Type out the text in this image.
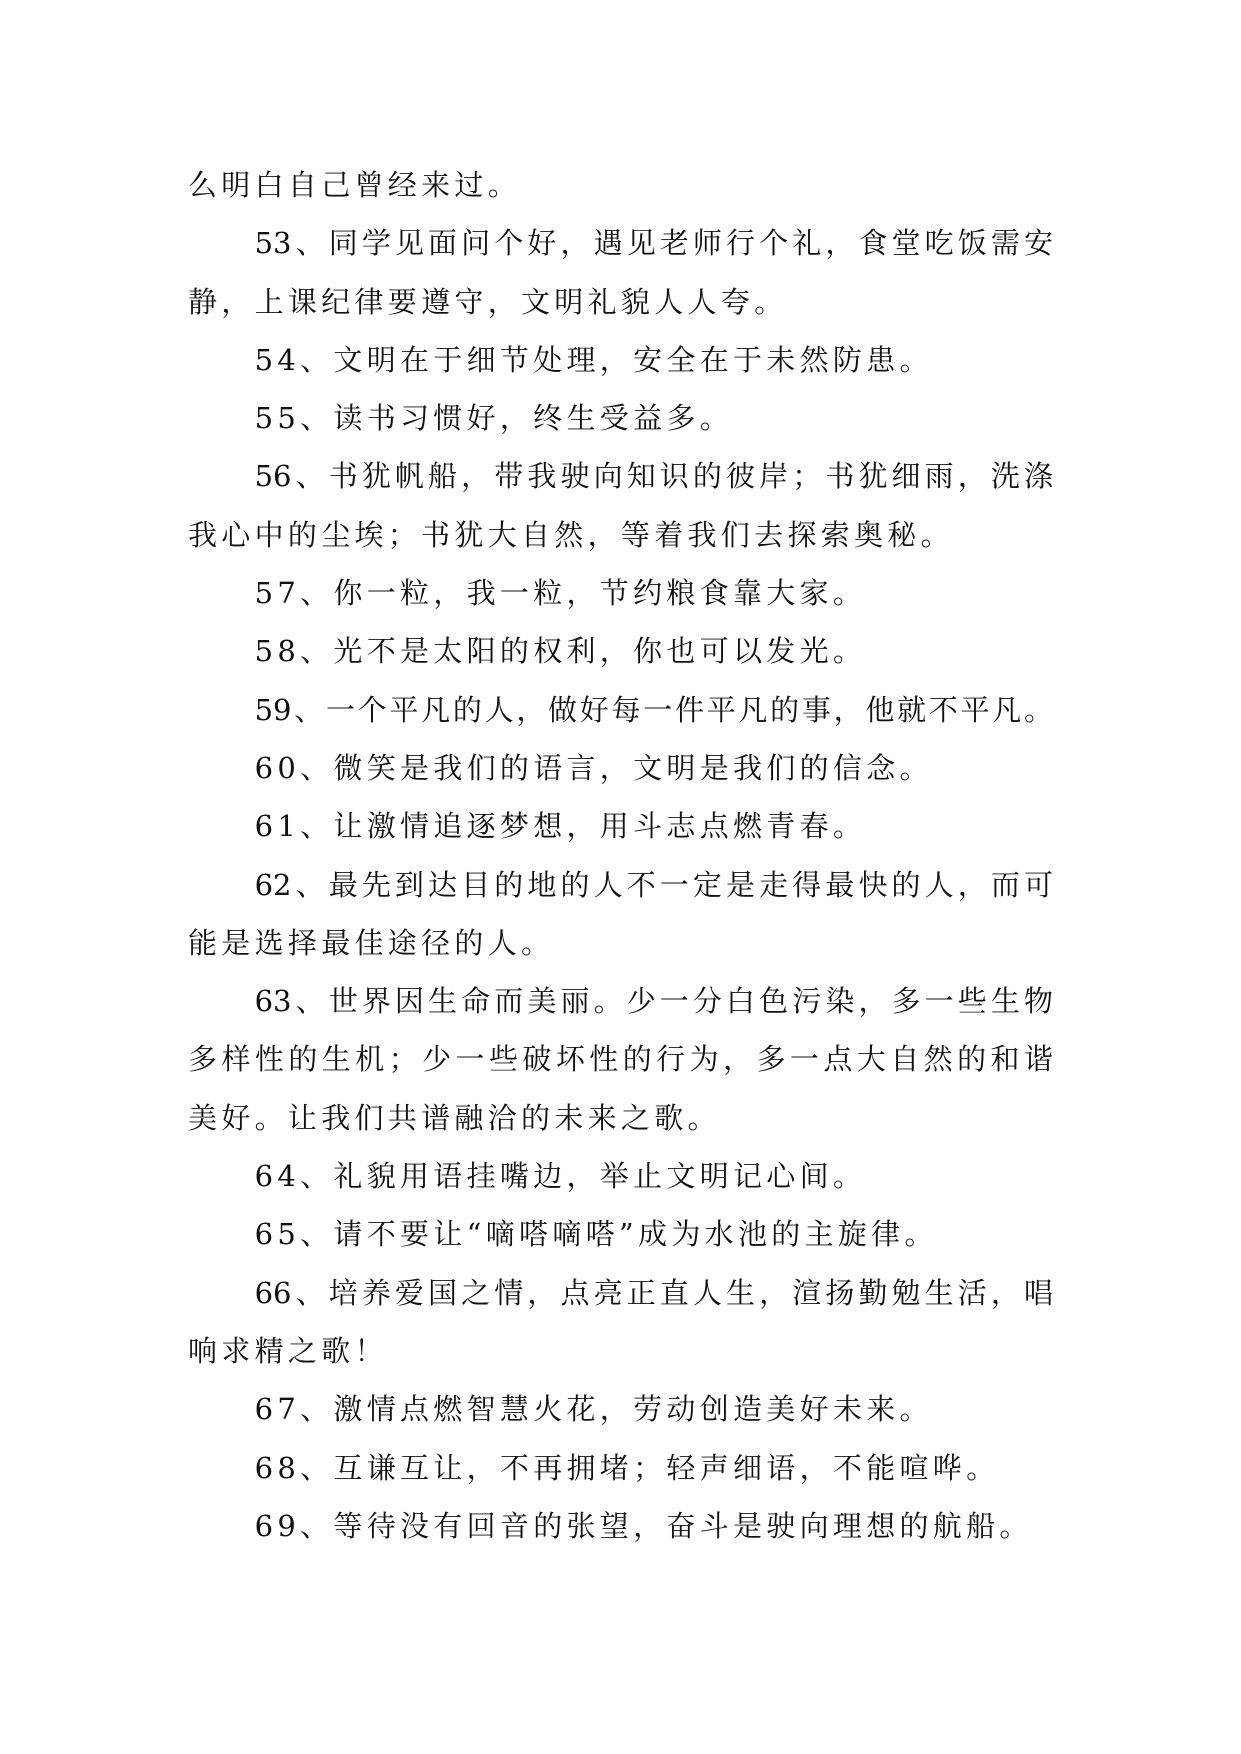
么明白自己曾经来过。
53、同学见面问个好，遇见老师行个礼，食堂吃饭需安
静，上课纪律要遵守，文明礼貌人人夸。
54、文明在于细节处理，安全在于未然防患。
55、读书习惯好，终生受益多。
56、书犹帆船，带我驶向知识的彼岸；书犹细雨，洗涤
我心中的尘埃；书犹大自然，等着我们去探索奥秘。
57、你一粒，我一粒，节约粮食靠大家。
58、光不是太阳的权利，你也可以发光。
59、一个平凡的人，做好每一件平凡的事，他就不平凡。
60、微笑是我们的语言，文明是我们的信念。
61、让激情追逐梦想，用斗志点燃青春。
62、最先到达目的地的人不一定是走得最快的人，而可
能是选择最佳途径的人。
63、世界因生命而美丽。少一分白色污染，多一些生物
多样性的生机；少一些破坏性的行为，多一点大自然的和谐
美好。让我们共谱融洽的未来之歌。
64、礼貌用语挂嘴边，举止文明记心间。
65、请不要让“嘀嗒嘀嗒”成为水池的主旋律。
66、培养爱国之情，点亮正直人生，渲扬勤勉生活，唱
响求精之歌！
67、激情点燃智慧火花，劳动创造美好未来。
68、互谦互让，不再拥堵；轻声细语，不能喧哗。
69、等待没有回音的张望，奋斗是驶向理想的航船。
